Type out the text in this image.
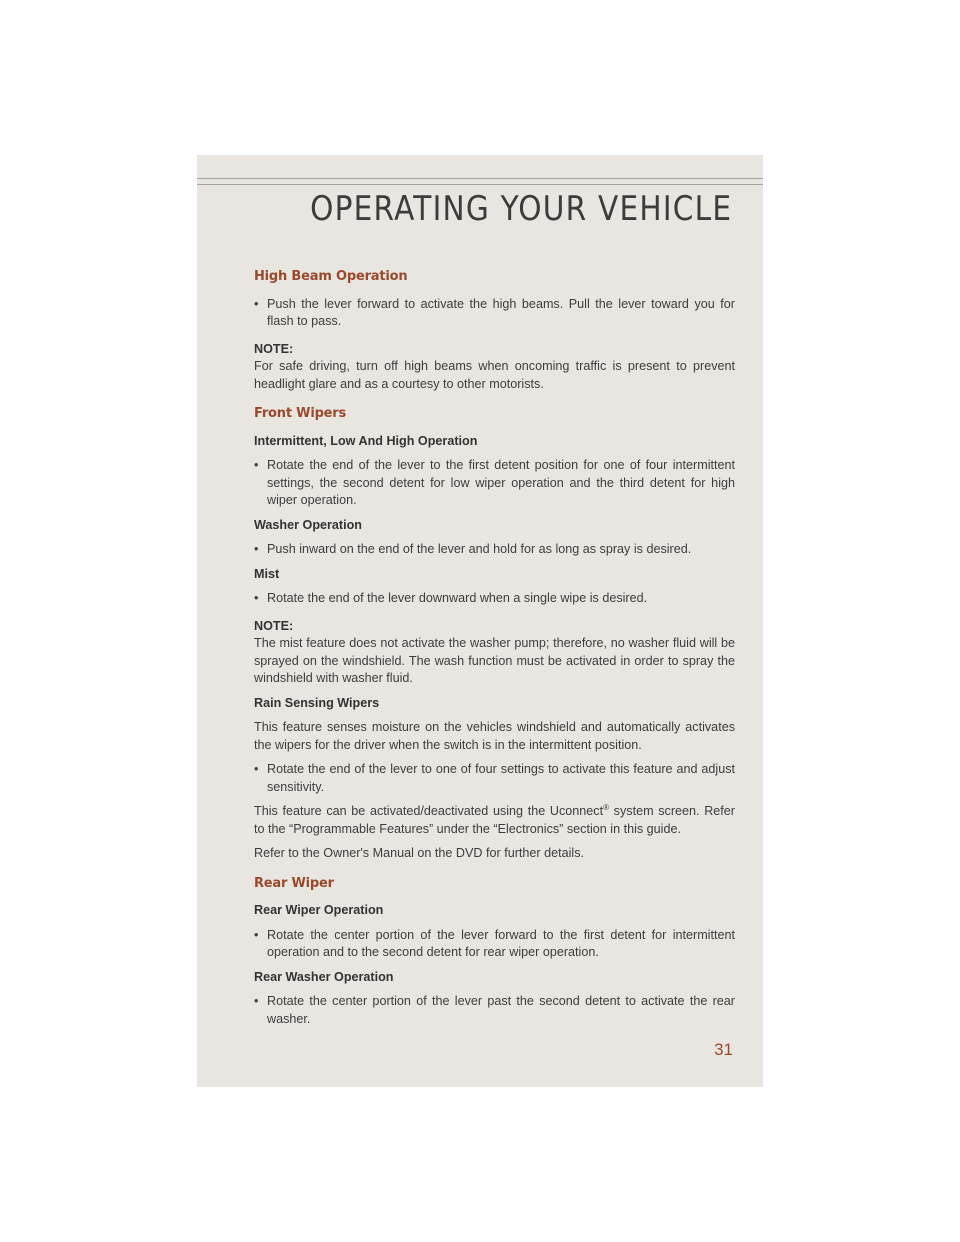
OPERATING YOUR VEHICLE
High Beam Operation

• Push the lever forward to activate the high beams. Pull the lever toward you for flash to pass.

NOTE:

For safe driving, turn off high beams when oncoming traffic is present to prevent headlight glare and as a courtesy to other motorists.

Front Wipers
Intermittent, Low And High Operation

• Rotate the end of the lever to the first detent position for one of four intermittent settings, the second detent for low wiper operation and the third detent for high wiper operation.

Washer Operation

• Push inward on the end of the lever and hold for as long as spray is desired.

Mist

• Rotate the end of the lever downward when a single wipe is desired.

NOTE:

The mist feature does not activate the washer pump; therefore, no washer fluid will be sprayed on the windshield. The wash function must be activated in order to spray the windshield with washer fluid.

Rain Sensing Wipers

This feature senses moisture on the vehicles windshield and automatically activates the wipers for the driver when the switch is in the intermittent position.

• Rotate the end of the lever to one of four settings to activate this feature and adjust sensitivity.

This feature can be activated/deactivated using the Uconnect® system screen. Refer to the “Programmable Features” under the “Electronics” section in this guide.

Refer to the Owner's Manual on the DVD for further details.

Rear Wiper
Rear Wiper Operation

• Rotate the center portion of the lever forward to the first detent for intermittent operation and to the second detent for rear wiper operation.

Rear Washer Operation

• Rotate the center portion of the lever past the second detent to activate the rear washer.

31
